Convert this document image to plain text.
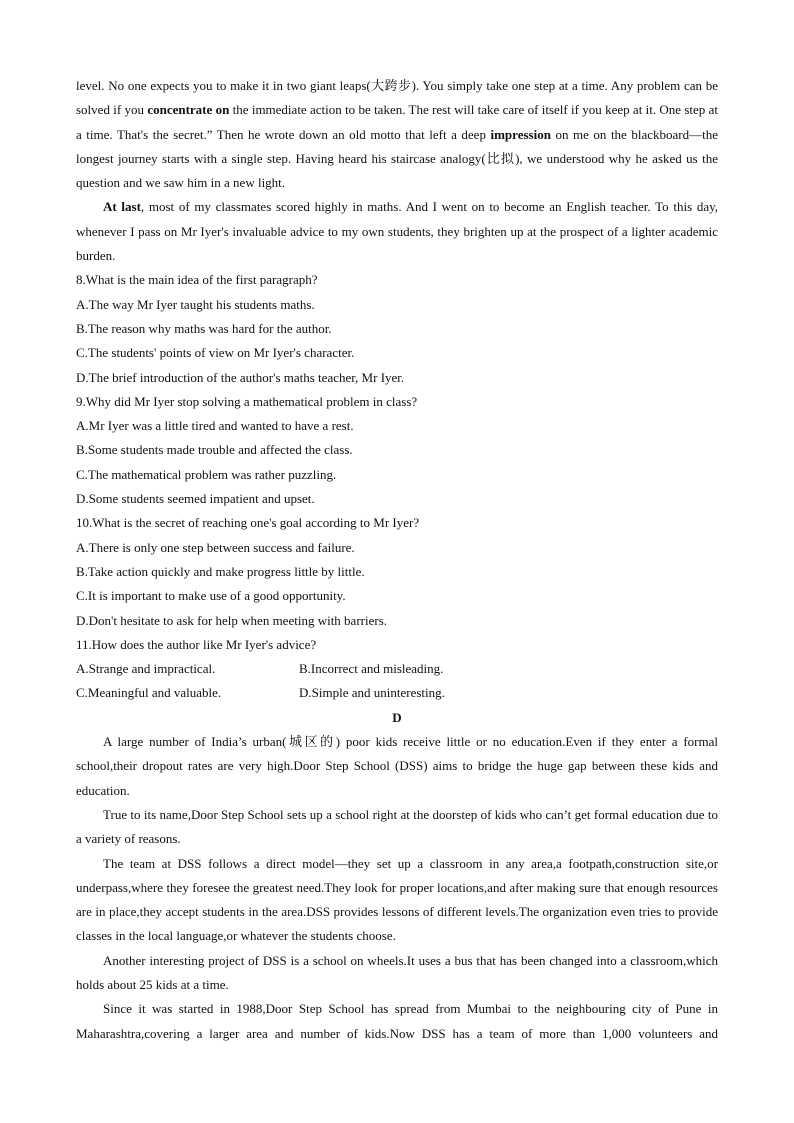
level. No one expects you to make it in two giant leaps(大跨步). You simply take one step at a time. Any problem can be solved if you concentrate on the immediate action to be taken. The rest will take care of itself if you keep at it. One step at a time. That's the secret.” Then he wrote down an old motto that left a deep impression on me on the blackboard—the longest journey starts with a single step. Having heard his staircase analogy(比拟), we understood why he asked us the question and we saw him in a new light.
At last, most of my classmates scored highly in maths. And I went on to become an English teacher. To this day, whenever I pass on Mr Iyer's invaluable advice to my own students, they brighten up at the prospect of a lighter academic burden.
8.What is the main idea of the first paragraph?
A.The way Mr Iyer taught his students maths.
B.The reason why maths was hard for the author.
C.The students' points of view on Mr Iyer's character.
D.The brief introduction of the author's maths teacher, Mr Iyer.
9.Why did Mr Iyer stop solving a mathematical problem in class?
A.Mr Iyer was a little tired and wanted to have a rest.
B.Some students made trouble and affected the class.
C.The mathematical problem was rather puzzling.
D.Some students seemed impatient and upset.
10.What is the secret of reaching one's goal according to Mr Iyer?
A.There is only one step between success and failure.
B.Take action quickly and make progress little by little.
C.It is important to make use of a good opportunity.
D.Don't hesitate to ask for help when meeting with barriers.
11.How does the author like Mr Iyer's advice?
A.Strange and impractical.	B.Incorrect and misleading.
C.Meaningful and valuable.	D.Simple and uninteresting.
D
A large number of India’s urban(城区的) poor kids receive little or no education.Even if they enter a formal school,their dropout rates are very high.Door Step School (DSS) aims to bridge the huge gap between these kids and education.
True to its name,Door Step School sets up a school right at the doorstep of kids who can’t get formal education due to a variety of reasons.
The team at DSS follows a direct model—they set up a classroom in any area,a footpath,construction site,or underpass,where they foresee the greatest need.They look for proper locations,and after making sure that enough resources are in place,they accept students in the area.DSS provides lessons of different levels.The organization even tries to provide classes in the local language,or whatever the students choose.
Another interesting project of DSS is a school on wheels.It uses a bus that has been changed into a classroom,which holds about 25 kids at a time.
Since it was started in 1988,Door Step School has spread from Mumbai to the neighbouring city of Pune in Maharashtra,covering a larger area and number of kids.Now DSS has a team of more than 1,000 volunteers and
